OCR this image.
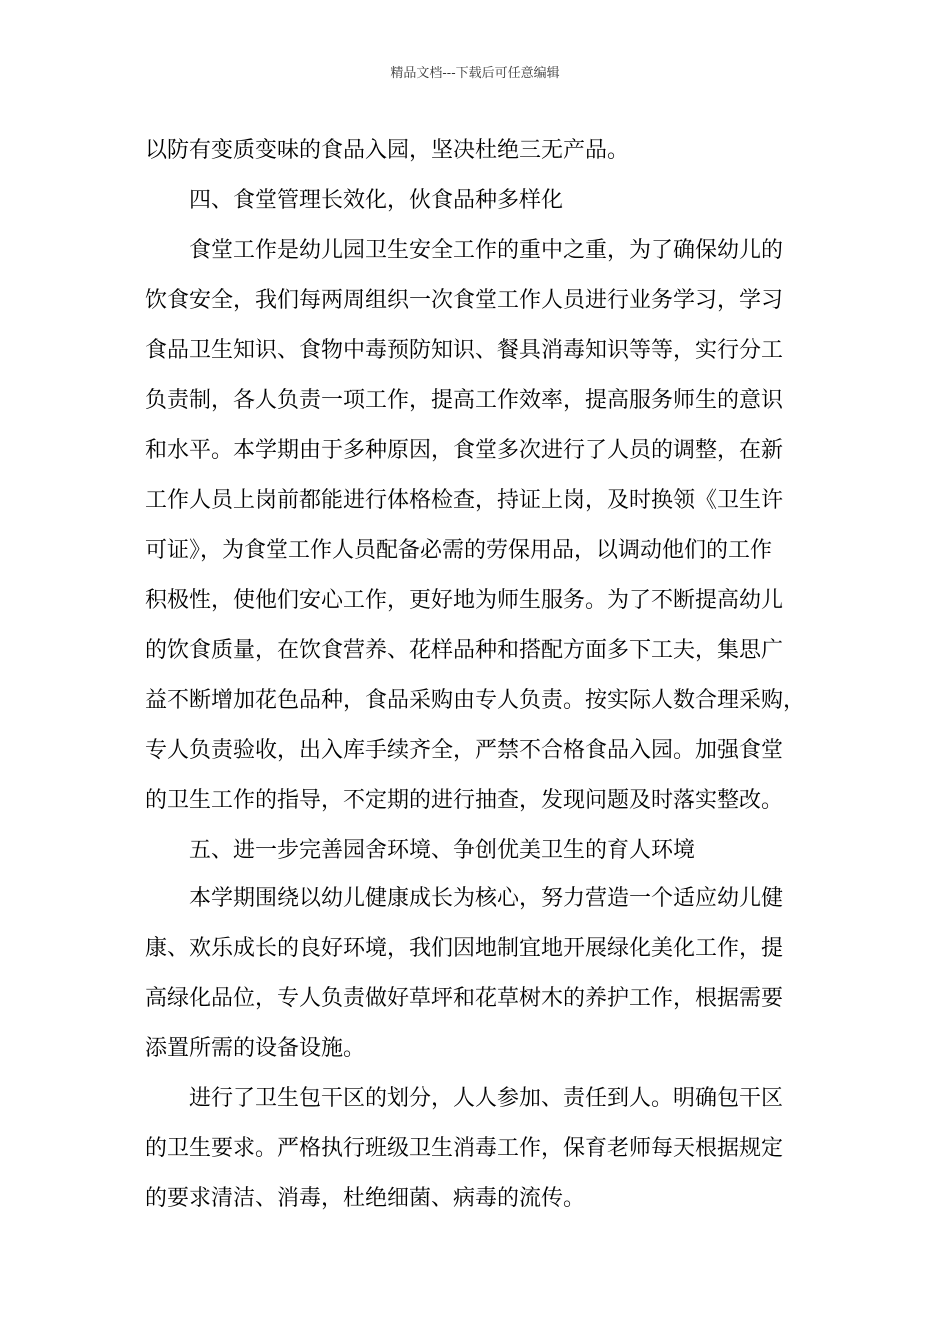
精品文档---下载后可任意编辑
以防有变质变味的食品入园，坚决杜绝三无产品。
　　四、食堂管理长效化，伙食品种多样化
　　食堂工作是幼儿园卫生安全工作的重中之重，为了确保幼儿的
饮食安全，我们每两周组织一次食堂工作人员进行业务学习，学习
食品卫生知识、食物中毒预防知识、餐具消毒知识等等，实行分工
负责制，各人负责一项工作，提高工作效率，提高服务师生的意识
和水平。本学期由于多种原因，食堂多次进行了人员的调整，在新
工作人员上岗前都能进行体格检查，持证上岗，及时换领《卫生许
可证》，为食堂工作人员配备必需的劳保用品，以调动他们的工作
积极性，使他们安心工作，更好地为师生服务。为了不断提高幼儿
的饮食质量，在饮食营养、花样品种和搭配方面多下工夫，集思广
益不断增加花色品种，食品采购由专人负责。按实际人数合理采购，
专人负责验收，出入库手续齐全，严禁不合格食品入园。加强食堂
的卫生工作的指导，不定期的进行抽查，发现问题及时落实整改。
　　五、进一步完善园舍环境、争创优美卫生的育人环境
　　本学期围绕以幼儿健康成长为核心，努力营造一个适应幼儿健
康、欢乐成长的良好环境，我们因地制宜地开展绿化美化工作，提
高绿化品位，专人负责做好草坪和花草树木的养护工作，根据需要
添置所需的设备设施。
　　进行了卫生包干区的划分，人人参加、责任到人。明确包干区
的卫生要求。严格执行班级卫生消毒工作，保育老师每天根据规定
的要求清洁、消毒，杜绝细菌、病毒的流传。
